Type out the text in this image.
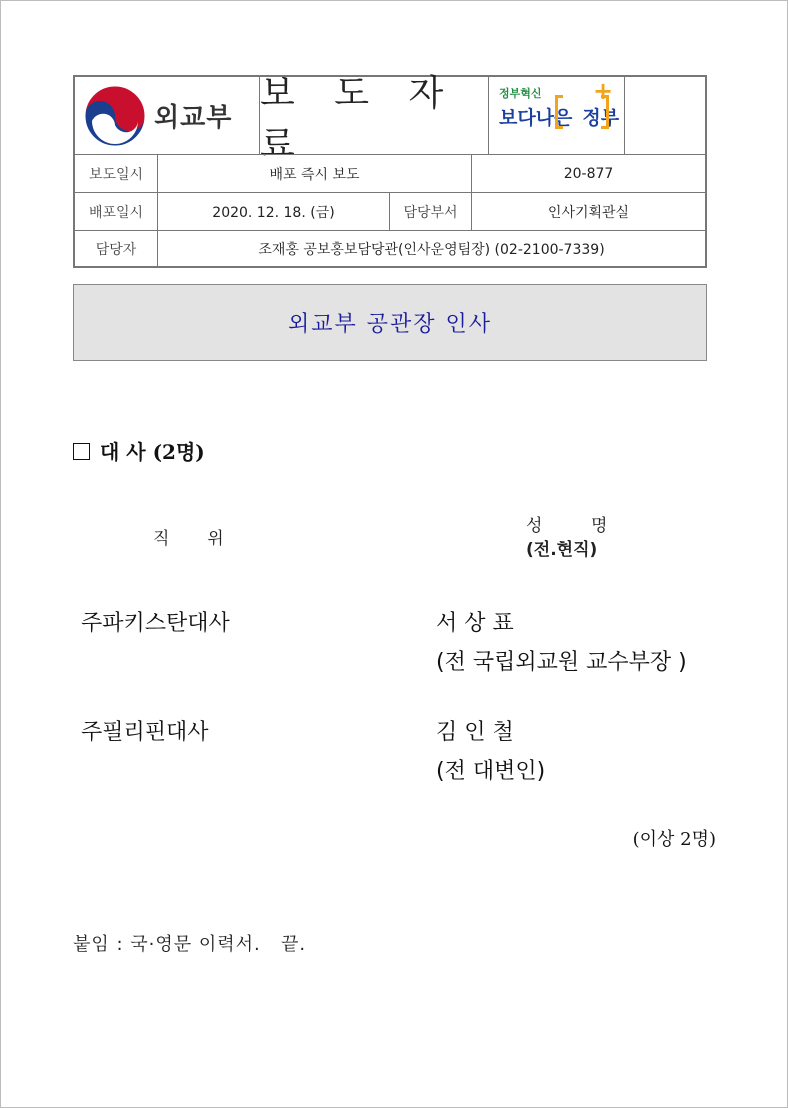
외교부
보 도 자 료
정부혁신
보다나은 정부
+
보도일시	배포 즉시 보도	20-877
배포일시	2020. 12. 18. (금)	담당부서	인사기획관실
담당자	조재홍 공보홍보담당관(인사운영팀장) (02-2100-7339)
외교부 공관장 인사
대 사 (2명)
직       위
성         명
(전.현직)
주파키스탄대사	서 상 표
(전 국립외교원 교수부장 )
주필리핀대사	김 인 철
(전 대변인)
(이상 2명)
붙임 : 국·영문 이력서.   끝.
